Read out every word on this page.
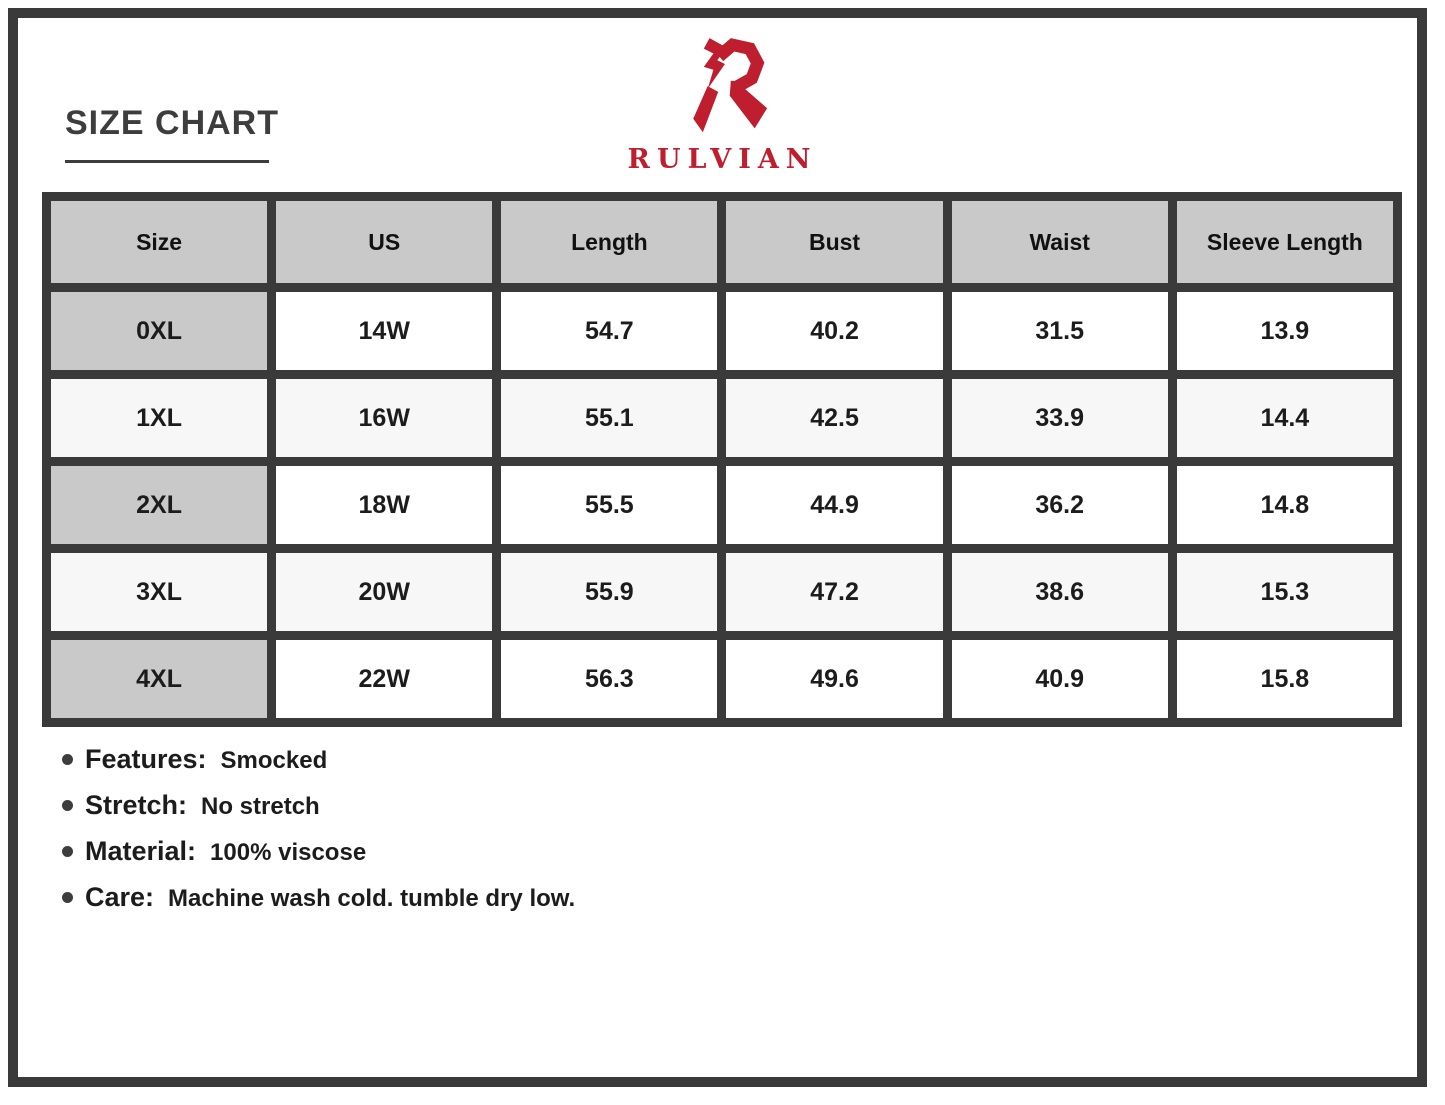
RULVIAN
SIZE CHART
Size	US	Length	Bust	Waist	Sleeve Length
0XL	14W	54.7	40.2	31.5	13.9
1XL	16W	55.1	42.5	33.9	14.4
2XL	18W	55.5	44.9	36.2	14.8
3XL	20W	55.9	47.2	38.6	15.3
4XL	22W	56.3	49.6	40.9	15.8
Features: Smocked
Stretch: No stretch
Material: 100% viscose
Care: Machine wash cold. tumble dry low.
